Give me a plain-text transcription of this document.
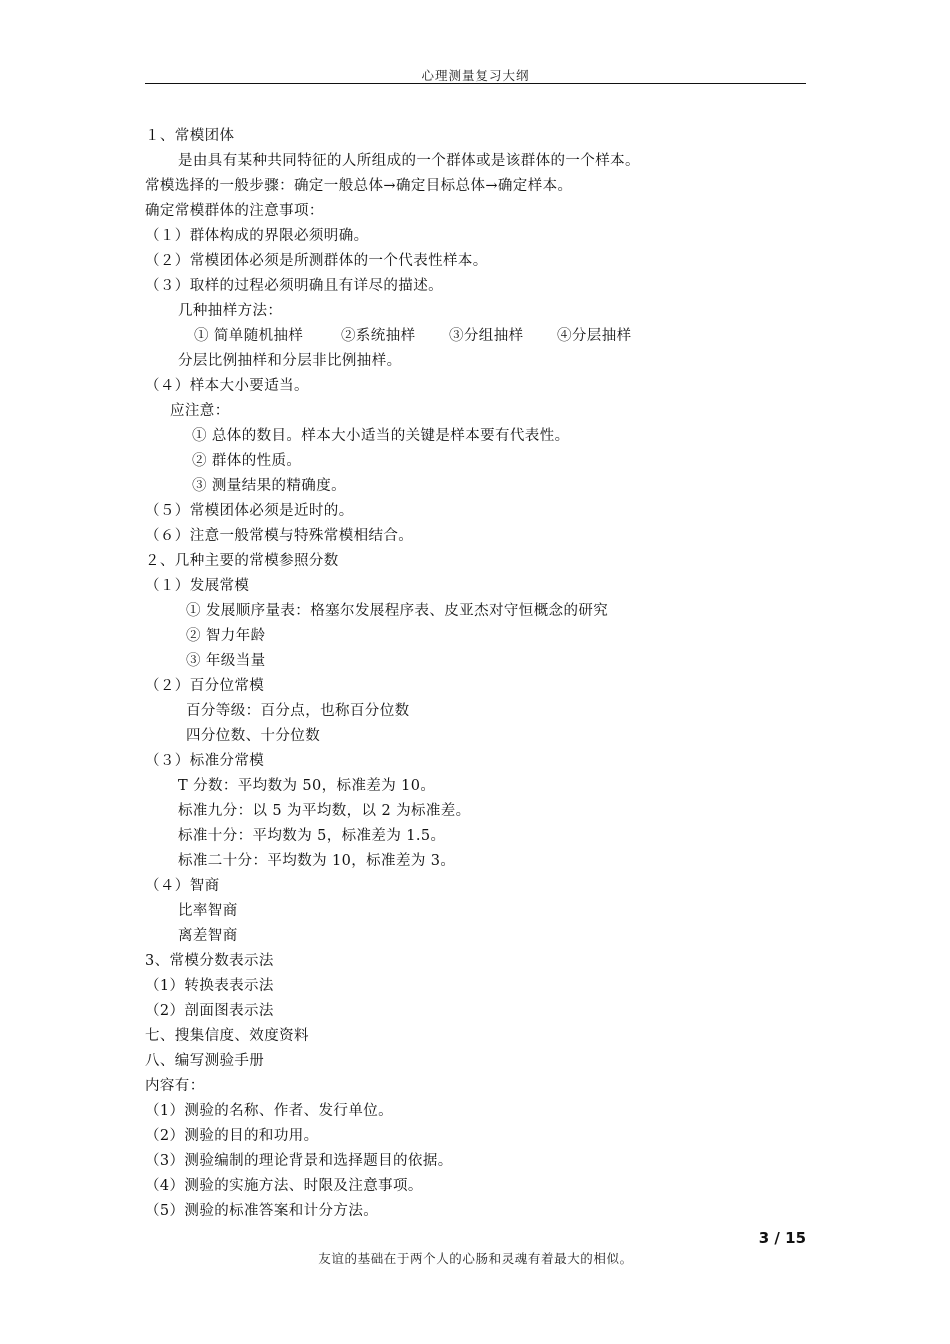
心理测量复习大纲
１、常模团体
是由具有某种共同特征的人所组成的一个群体或是该群体的一个样本。
常模选择的一般步骤：确定一般总体→确定目标总体→确定样本。
确定常模群体的注意事项：
（１）群体构成的界限必须明确。
（２）常模团体必须是所测群体的一个代表性样本。
（３）取样的过程必须明确且有详尽的描述。
几种抽样方法：
① 简单随机抽样	②系统抽样 ③分组抽样 ④分层抽样
分层比例抽样和分层非比例抽样。
（４）样本大小要适当。
应注意：
① 总体的数目。样本大小适当的关键是样本要有代表性。
② 群体的性质。
③ 测量结果的精确度。
（５）常模团体必须是近时的。
（６）注意一般常模与特殊常模相结合。
２、几种主要的常模参照分数
（１）发展常模
① 发展顺序量表：格塞尔发展程序表、皮亚杰对守恒概念的研究
② 智力年龄
③ 年级当量
（２）百分位常模
百分等级：百分点，也称百分位数
四分位数、十分位数
（３）标准分常模
T 分数：平均数为 50，标准差为 10。
标准九分：以 5 为平均数，以 2 为标准差。
标准十分：平均数为 5，标准差为 1.5。
标准二十分：平均数为 10，标准差为 3。
（４）智商
比率智商
离差智商
3、常模分数表示法
（1）转换表表示法
（2）剖面图表示法
七、搜集信度、效度资料
八、编写测验手册
内容有：
（1）测验的名称、作者、发行单位。
（2）测验的目的和功用。
（3）测验编制的理论背景和选择题目的依据。
（4）测验的实施方法、时限及注意事项。
（5）测验的标准答案和计分方法。
3 / 15
友谊的基础在于两个人的心肠和灵魂有着最大的相似。
